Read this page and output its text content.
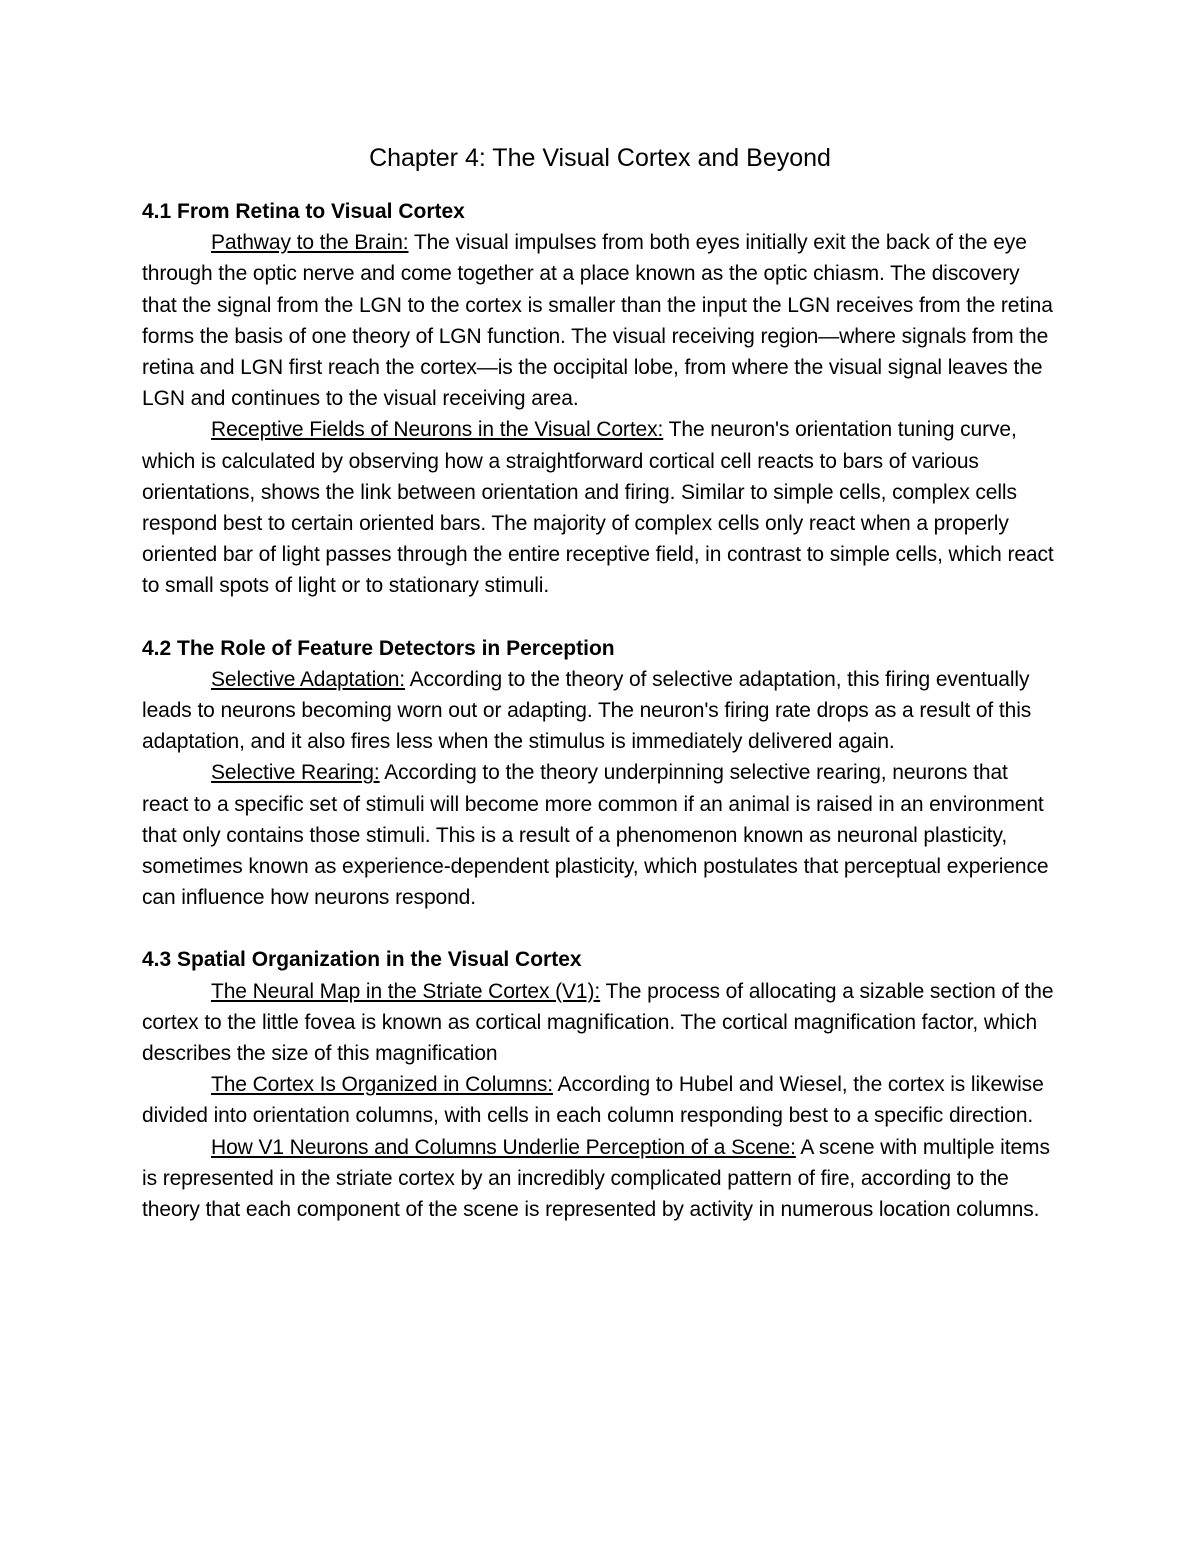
Chapter 4: The Visual Cortex and Beyond
4.1 From Retina to Visual Cortex

Pathway to the Brain: The visual impulses from both eyes initially exit the back of the eye through the optic nerve and come together at a place known as the optic chiasm. The discovery that the signal from the LGN to the cortex is smaller than the input the LGN receives from the retina forms the basis of one theory of LGN function. The visual receiving region—where signals from the retina and LGN first reach the cortex—is the occipital lobe, from where the visual signal leaves the LGN and continues to the visual receiving area.

Receptive Fields of Neurons in the Visual Cortex: The neuron's orientation tuning curve, which is calculated by observing how a straightforward cortical cell reacts to bars of various orientations, shows the link between orientation and firing. Similar to simple cells, complex cells respond best to certain oriented bars. The majority of complex cells only react when a properly oriented bar of light passes through the entire receptive field, in contrast to simple cells, which react to small spots of light or to stationary stimuli.

4.2 The Role of Feature Detectors in Perception

Selective Adaptation: According to the theory of selective adaptation, this firing eventually leads to neurons becoming worn out or adapting. The neuron's firing rate drops as a result of this adaptation, and it also fires less when the stimulus is immediately delivered again.

Selective Rearing: According to the theory underpinning selective rearing, neurons that react to a specific set of stimuli will become more common if an animal is raised in an environment that only contains those stimuli. This is a result of a phenomenon known as neuronal plasticity, sometimes known as experience-dependent plasticity, which postulates that perceptual experience can influence how neurons respond.

4.3 Spatial Organization in the Visual Cortex

The Neural Map in the Striate Cortex (V1): The process of allocating a sizable section of the cortex to the little fovea is known as cortical magnification. The cortical magnification factor, which describes the size of this magnification

The Cortex Is Organized in Columns: According to Hubel and Wiesel, the cortex is likewise divided into orientation columns, with cells in each column responding best to a specific direction.

How V1 Neurons and Columns Underlie Perception of a Scene: A scene with multiple items is represented in the striate cortex by an incredibly complicated pattern of fire, according to the theory that each component of the scene is represented by activity in numerous location columns.
